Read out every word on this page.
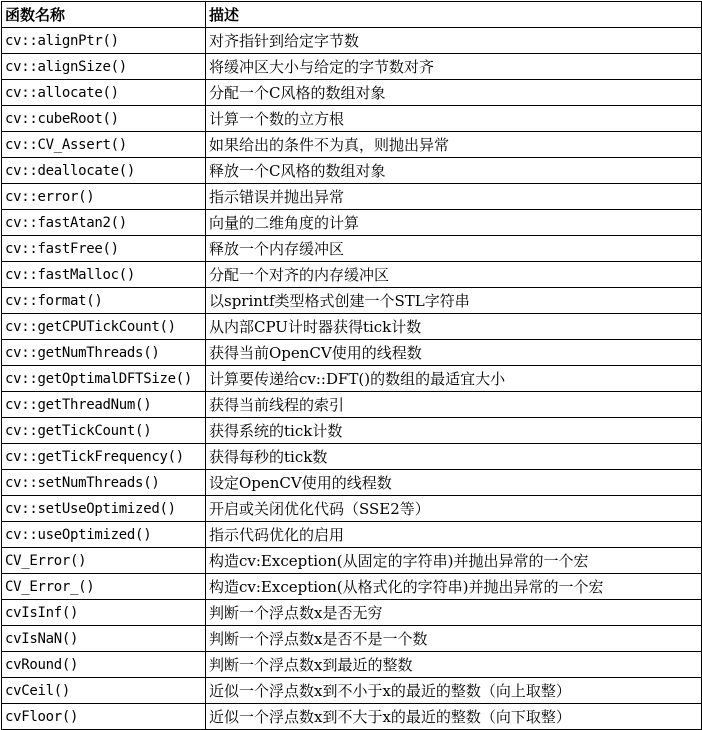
函数名称	描述
cv::alignPtr()	对齐指针到给定字节数
cv::alignSize()	将缓冲区大小与给定的字节数对齐
cv::allocate()	分配一个C风格的数组对象
cv::cubeRoot()	计算一个数的立方根
cv::CV_Assert()	如果给出的条件不为真，则抛出异常
cv::deallocate()	释放一个C风格的数组对象
cv::error()	指示错误并抛出异常
cv::fastAtan2()	向量的二维角度的计算
cv::fastFree()	释放一个内存缓冲区
cv::fastMalloc()	分配一个对齐的内存缓冲区
cv::format()	以sprintf类型格式创建一个STL字符串
cv::getCPUTickCount()	从内部CPU计时器获得tick计数
cv::getNumThreads()	获得当前OpenCV使用的线程数
cv::getOptimalDFTSize()	计算要传递给cv::DFT()的数组的最适宜大小
cv::getThreadNum()	获得当前线程的索引
cv::getTickCount()	获得系统的tick计数
cv::getTickFrequency()	获得每秒的tick数
cv::setNumThreads()	设定OpenCV使用的线程数
cv::setUseOptimized()	开启或关闭优化代码（SSE2等）
cv::useOptimized()	指示代码优化的启用
CV_Error()	构造cv:Exception(从固定的字符串)并抛出异常的一个宏
CV_Error_()	构造cv:Exception(从格式化的字符串)并抛出异常的一个宏
cvIsInf()	判断一个浮点数x是否无穷
cvIsNaN()	判断一个浮点数x是否不是一个数
cvRound()	判断一个浮点数x到最近的整数
cvCeil()	近似一个浮点数x到不小于x的最近的整数（向上取整）
cvFloor()	近似一个浮点数x到不大于x的最近的整数（向下取整）
